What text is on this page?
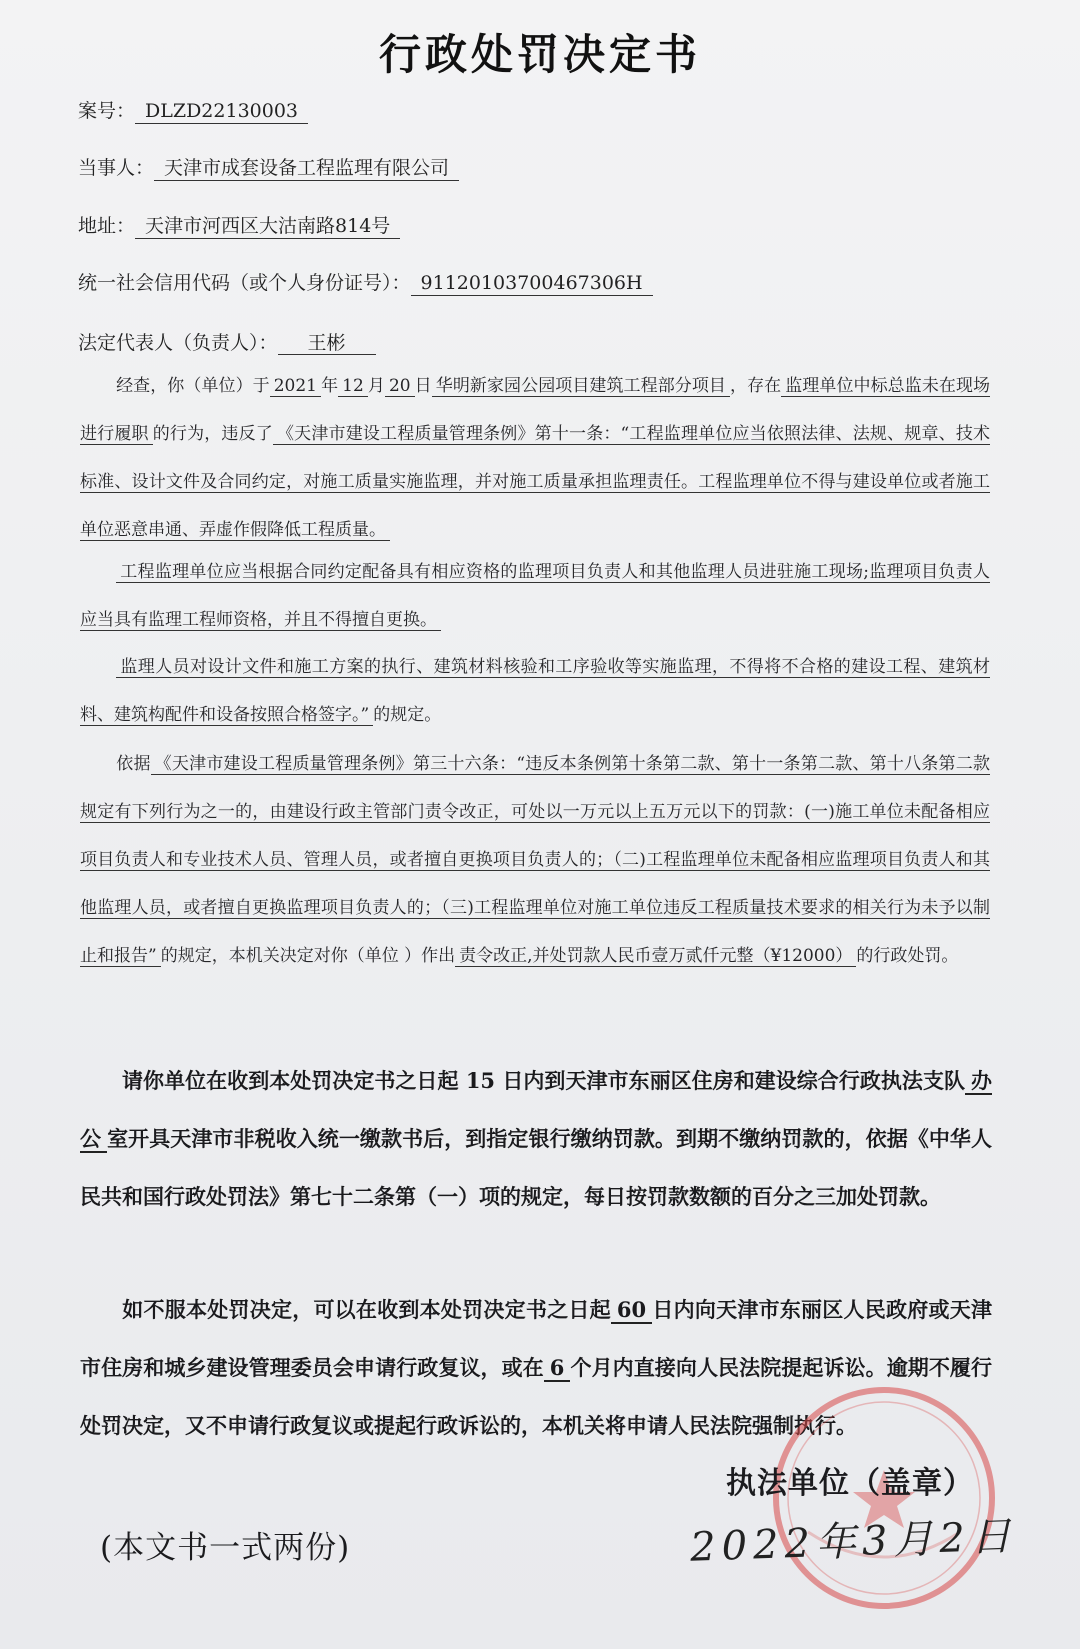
行政处罚决定书
案号： DLZD22130003
当事人： 天津市成套设备工程监理有限公司
地址： 天津市河西区大沽南路814号
统一社会信用代码（或个人身份证号）： 91120103700467306H
法定代表人（负责人）： 王彬
经查，你（单位）于 2021 年 12 月 20 日 华明新家园公园项目建筑工程部分项目 ，存在 监理单位中标总监未在现场进行履职 的行为，违反了 《天津市建设工程质量管理条例》第十一条：“工程监理单位应当依照法律、法规、规章、技术标准、设计文件及合同约定，对施工质量实施监理，并对施工质量承担监理责任。工程监理单位不得与建设单位或者施工单位恶意串通、弄虚作假降低工程质量。
工程监理单位应当根据合同约定配备具有相应资格的监理项目负责人和其他监理人员进驻施工现场;监理项目负责人应当具有监理工程师资格，并且不得擅自更换。
监理人员对设计文件和施工方案的执行、建筑材料核验和工序验收等实施监理，不得将不合格的建设工程、建筑材料、建筑构配件和设备按照合格签字。” 的规定。
依据 《天津市建设工程质量管理条例》第三十六条：“违反本条例第十条第二款、第十一条第二款、第十八条第二款规定有下列行为之一的，由建设行政主管部门责令改正，可处以一万元以上五万元以下的罚款：(一)施工单位未配备相应项目负责人和专业技术人员、管理人员，或者擅自更换项目负责人的；（二)工程监理单位未配备相应监理项目负责人和其他监理人员，或者擅自更换监理项目负责人的；（三)工程监理单位对施工单位违反工程质量技术要求的相关行为未予以制止和报告” 的规定，本机关决定对你（单位 ）作出 责令改正,并处罚款人民币壹万贰仟元整（¥12000） 的行政处罚。
请你单位在收到本处罚决定书之日起 15 日内到天津市东丽区住房和建设综合行政执法支队 办公 室开具天津市非税收入统一缴款书后，到指定银行缴纳罚款。到期不缴纳罚款的，依据《中华人民共和国行政处罚法》第七十二条第（一）项的规定，每日按罚款数额的百分之三加处罚款。
如不服本处罚决定，可以在收到本处罚决定书之日起 60 日内向天津市东丽区人民政府或天津市住房和城乡建设管理委员会申请行政复议，或在 6 个月内直接向人民法院提起诉讼。逾期不履行处罚决定，又不申请行政复议或提起行政诉讼的，本机关将申请人民法院强制执行。
执法单位（盖章）
2022年3月2日
(本文书一式两份)
